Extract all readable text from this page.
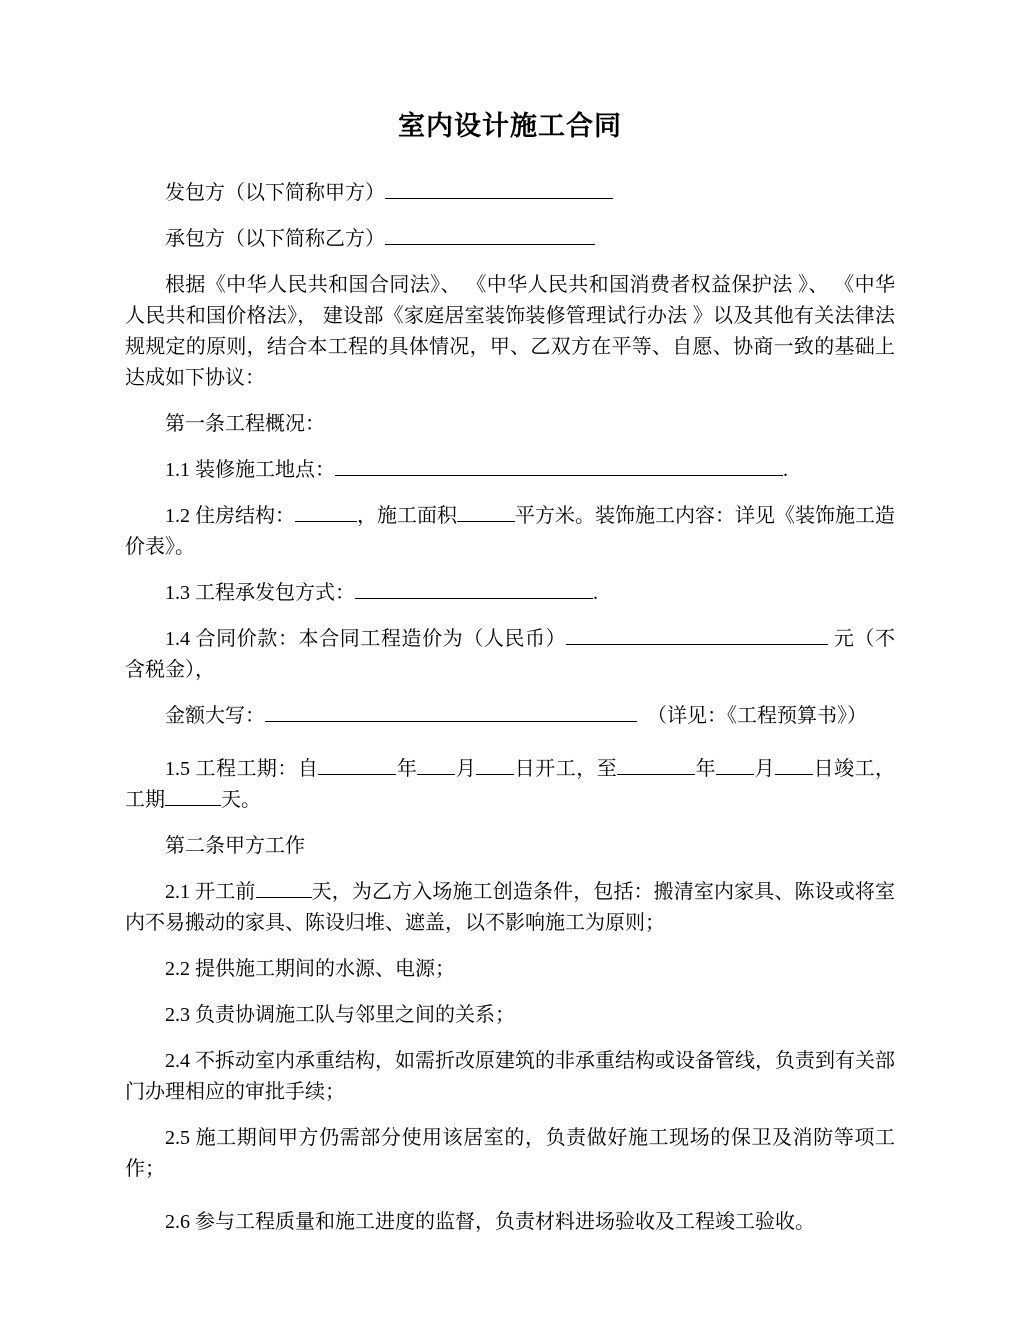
室内设计施工合同

发包方（以下简称甲方）

承包方（以下简称乙方）

根据《中华人民共和国合同法》、 《中华人民共和国消费者权益保护法 》、 《中华人民共和国价格法》， 建设部《家庭居室装饰装修管理试行办法 》以及其他有关法律法规规定的原则，结合本工程的具体情况，甲、乙双方在平等、自愿、协商一致的基础上达成如下协议：

第一条工程概况：

1.1 装修施工地点：	.

1.2 住房结构：	，施工面积	平方米。装饰施工内容：详见《装饰施工造价表》。

1.3 工程承发包方式：	.

1.4 合同价款：本合同工程造价为（人民币）	元（不含税金），

金额大写：	　（详见：《工程预算书》）

1.5 工程工期：自	年 月 日开工，至	年 月 日竣工，工期	天。

第二条甲方工作

2.1 开工前	天，为乙方入场施工创造条件，包括：搬清室内家具、陈设或将室内不易搬动的家具、陈设归堆、遮盖，以不影响施工为原则；

2.2 提供施工期间的水源、电源；

2.3 负责协调施工队与邻里之间的关系；

2.4 不拆动室内承重结构，如需折改原建筑的非承重结构或设备管线，负责到有关部门办理相应的审批手续；

2.5 施工期间甲方仍需部分使用该居室的，负责做好施工现场的保卫及消防等项工作；

2.6 参与工程质量和施工进度的监督，负责材料进场验收及工程竣工验收。
